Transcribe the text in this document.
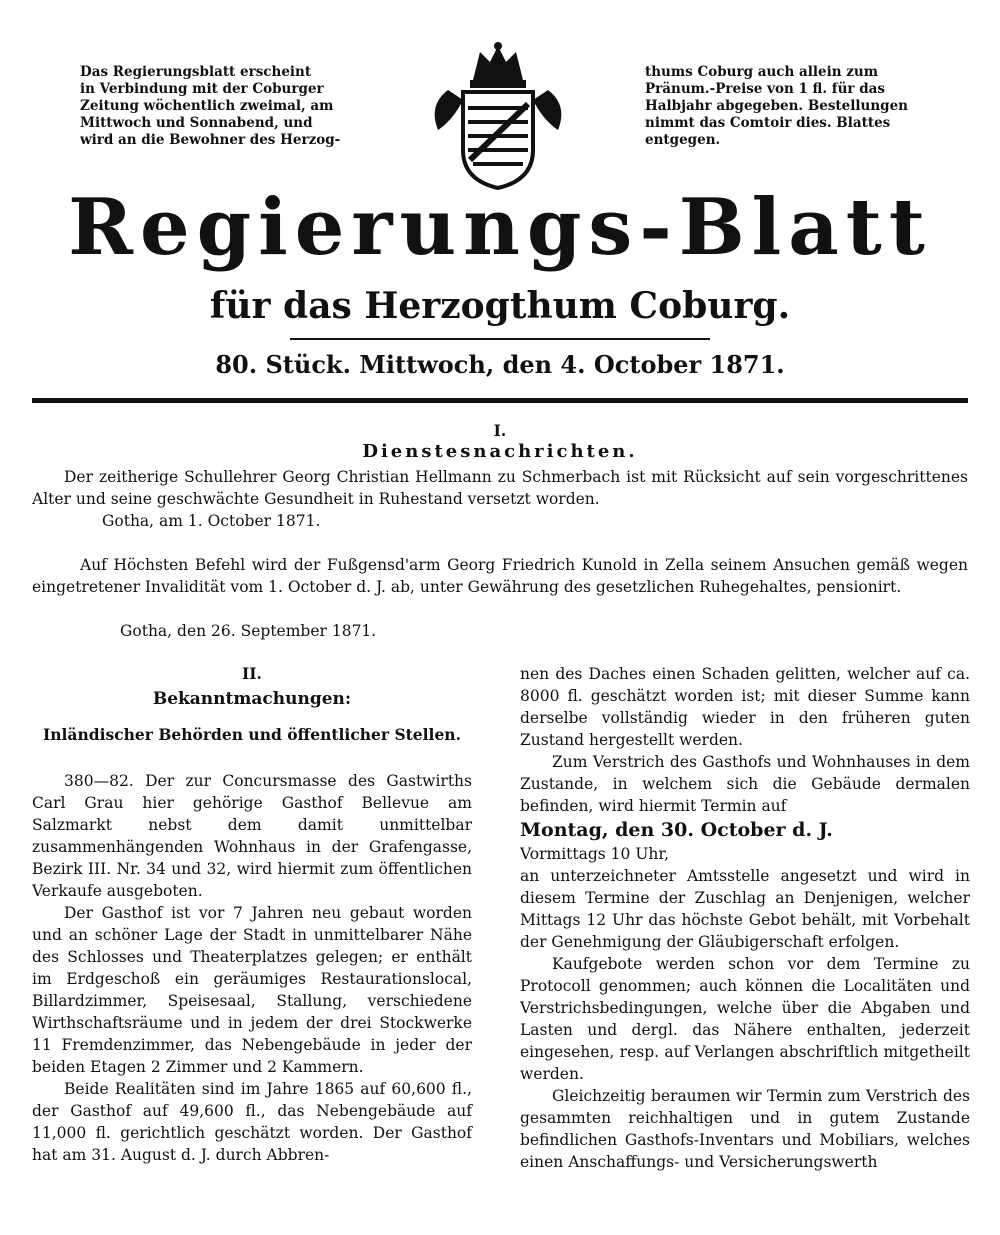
Das Regierungsblatt erscheint
in Verbindung mit der Coburger
Zeitung wöchentlich zweimal, am
Mittwoch und Sonnabend, und
wird an die Bewohner des Herzog-
thums Coburg auch allein zum
Pränum.-Preise von 1 fl. für das
Halbjahr abgegeben. Bestellungen
nimmt das Comtoir dies. Blattes
entgegen.
Regierungs-Blatt
für das Herzogthum Coburg.
80. Stück. Mittwoch, den 4. October 1871.
I.
Dienstesnachrichten.

Der zeitherige Schullehrer Georg Christian Hellmann zu Schmerbach ist mit Rücksicht auf sein vorgeschrittenes Alter und seine geschwächte Gesundheit in Ruhestand versetzt worden.

Gotha, am 1. October 1871.

Auf Höchsten Befehl wird der Fußgensd'arm Georg Friedrich Kunold in Zella seinem Ansuchen gemäß wegen eingetretener Invalidität vom 1. October d. J. ab, unter Gewährung des gesetzlichen Ruhegehaltes, pensionirt.

Gotha, den 26. September 1871.
II.
Bekanntmachungen:
Inländischer Behörden und öffentlicher Stellen.

380—82. Der zur Concursmasse des Gastwirths Carl Grau hier gehörige Gasthof Bellevue am Salzmarkt nebst dem damit unmittelbar zusammenhängenden Wohnhaus in der Grafengasse, Bezirk III. Nr. 34 und 32, wird hiermit zum öffentlichen Verkaufe ausgeboten.

Der Gasthof ist vor 7 Jahren neu gebaut worden und an schöner Lage der Stadt in unmittelbarer Nähe des Schlosses und Theaterplatzes gelegen; er enthält im Erdgeschoß ein geräumiges Restaurationslocal, Billardzimmer, Speisesaal, Stallung, verschiedene Wirthschaftsräume und in jedem der drei Stockwerke 11 Fremdenzimmer, das Nebengebäude in jeder der beiden Etagen 2 Zimmer und 2 Kammern.

Beide Realitäten sind im Jahre 1865 auf 60,600 fl., der Gasthof auf 49,600 fl., das Nebengebäude auf 11,000 fl. gerichtlich geschätzt worden. Der Gasthof hat am 31. August d. J. durch Abbren-

nen des Daches einen Schaden gelitten, welcher auf ca. 8000 fl. geschätzt worden ist; mit dieser Summe kann derselbe vollständig wieder in den früheren guten Zustand hergestellt werden.

Zum Verstrich des Gasthofs und Wohnhauses in dem Zustande, in welchem sich die Gebäude dermalen befinden, wird hiermit Termin auf

Montag, den 30. October d. J.

Vormittags 10 Uhr,

an unterzeichneter Amtsstelle angesetzt und wird in diesem Termine der Zuschlag an Denjenigen, welcher Mittags 12 Uhr das höchste Gebot behält, mit Vorbehalt der Genehmigung der Gläubigerschaft erfolgen.

Kaufgebote werden schon vor dem Termine zu Protocoll genommen; auch können die Localitäten und Verstrichsbedingungen, welche über die Abgaben und Lasten und dergl. das Nähere enthalten, jederzeit eingesehen, resp. auf Verlangen abschriftlich mitgetheilt werden.

Gleichzeitig beraumen wir Termin zum Verstrich des gesammten reichhaltigen und in gutem Zustande befindlichen Gasthofs-Inventars und Mobiliars, welches einen Anschaffungs- und Versicherungswerth
